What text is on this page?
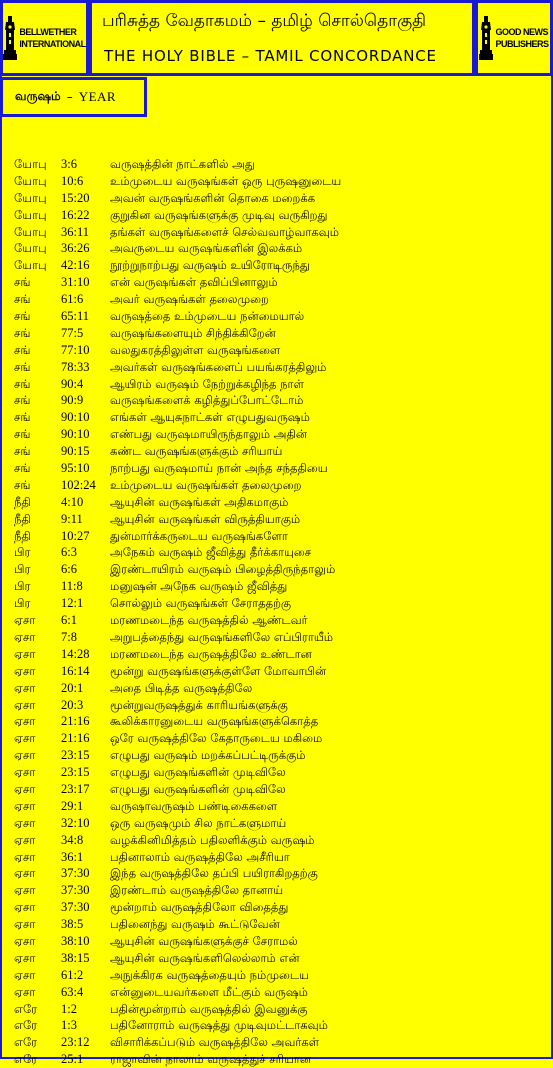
BELLWETHER
INTERNATIONAL
பரிசுத்த வேதாகமம் – தமிழ் சொல்தொகுதி
THE HOLY BIBLE – TAMIL CONCORDANCE
GOOD NEWS
PUBLISHERS
வருஷம் – YEAR
யோபு 3:6	வருஷத்தின் நாட்களில் அது
யோபு 10:6 உம்முடைய வருஷங்கள் ஒரு புருஷனுடைய
யோபு 15:20 அவன் வருஷங்களின் தொகை மறைக்க
யோபு 16:22 குறுகின வருஷங்களுக்கு முடிவு வருகிறது
யோபு 36:11 தங்கள் வருஷங்களைச் செல்வவாழ்வாகவும்
யோபு 36:26 அவருடைய வருஷங்களின் இலக்கம்
யோபு 42:16 நூற்றுநாற்பது வருஷம் உயிரோடிருந்து
சங் 31:10 என் வருஷங்கள் தவிப்பினாலும்
சங் 61:6 அவர் வருஷங்கள் தலைமுறை
சங் 65:11 வருஷத்தை உம்முடைய நன்மையால்
சங் 77:5 வருஷங்களையும் சிந்திக்கிறேன்
சங் 77:10 வலதுகரத்திலுள்ள வருஷங்களை
சங் 78:33 அவர்கள் வருஷங்களைப் பயங்கரத்திலும்
சங் 90:4 ஆயிரம் வருஷம் நேற்றுக்கழிந்த நாள்
சங் 90:9 வருஷங்களைக் கழித்துப்போட்டோம்
சங் 90:10 எங்கள் ஆயுசுநாட்கள் எழுபதுவருஷம்
சங் 90:10 எண்பது வருஷமாயிருந்தாலும் அதின்
சங் 90:15 கண்ட வருஷங்களுக்கும் சரியாய்
சங் 95:10 நாற்பது வருஷமாய் நான் அந்த சந்ததியை
சங் 102:24 உம்முடைய வருஷங்கள் தலைமுறை
நீதி 4:10 ஆயுசின் வருஷங்கள் அதிகமாகும்
நீதி 9:11 ஆயுசின் வருஷங்கள் விருத்தியாகும்
நீதி 10:27 துன்மார்க்கருடைய வருஷங்களோ
பிர 6:3	அநேகம் வருஷம் ஜீவித்து தீர்க்காயுசை
பிர 6:6	இரண்டாயிரம் வருஷம் பிழைத்திருந்தாலும்
பிர 11:8 மனுஷன் அநேக வருஷம் ஜீவித்து
பிர 12:1 சொல்லும் வருஷங்கள் சேராததற்கு
ஏசா 6:1	மரணமடைந்த வருஷத்தில் ஆண்டவர்
ஏசா 7:8	அறுபத்தைந்து வருஷங்களிலே எப்பிராயீம்
ஏசா 14:28 மரணமடைந்த வருஷத்திலே உண்டான
ஏசா 16:14 மூன்று வருஷங்களுக்குள்ளே மோவாபின்
ஏசா 20:1 அதை பிடித்த வருஷத்திலே
ஏசா 20:3 மூன்றுவருஷத்துக் காரியங்களுக்கு
ஏசா 21:16 கூலிக்காரனுடைய வருஷங்களுக்கொத்த
ஏசா 21:16 ஒரே வருஷத்திலே கேதாருடைய மகிமை
ஏசா 23:15 எழுபது வருஷம் மறக்கப்பட்டிருக்கும்
ஏசா 23:15 எழுபது வருஷங்களின் முடிவிலே
ஏசா 23:17 எழுபது வருஷங்களின் முடிவிலே
ஏசா 29:1 வருஷாவருஷம் பண்டிகைகளை
ஏசா 32:10 ஒரு வருஷமும் சில நாட்களுமாய்
ஏசா 34:8 வழக்கினிமித்தம் பதிலளிக்கும் வருஷம்
ஏசா 36:1 பதினாலாம் வருஷத்திலே அசீரியா
ஏசா 37:30 இந்த வருஷத்திலே தப்பி பயிராகிறதற்கு
ஏசா 37:30 இரண்டாம் வருஷத்திலே தானாய்
ஏசா 37:30 மூன்றாம் வருஷத்திலோ விதைத்து
ஏசா 38:5 பதினைந்து வருஷம் கூட்டுவேன்
ஏசா 38:10 ஆயுசின் வருஷங்களுக்குச் சேராமல்
ஏசா 38:15 ஆயுசின் வருஷங்களிலெல்லாம் என்
ஏசா 61:2 அநுக்கிரக வருஷத்தையும் நம்முடைய
ஏசா 63:4 என்னுடையவர்களை மீட்கும் வருஷம்
எரே 1:2	பதின்மூன்றாம் வருஷத்தில் இவனுக்கு
எரே 1:3	பதினோராம் வருஷத்து முடிவுமட்டாகவும்
எரே 23:12 விசாரிக்கப்படும் வருஷத்திலே அவர்கள்
எரே 25:1 ராஜாவின் நாலாம் வருஷத்துச் சரியான
